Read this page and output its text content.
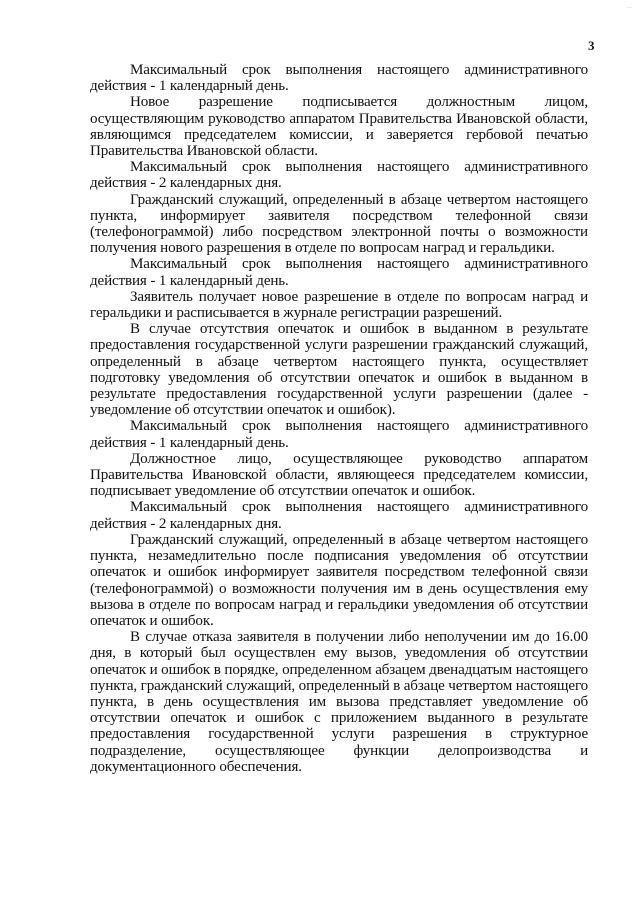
...
3

Максимальный срок выполнения настоящего административного действия - 1 календарный день.

Новое разрешение подписывается должностным лицом, осуществляющим руководство аппаратом Правительства Ивановской области, являющимся председателем комиссии, и заверяется гербовой печатью Правительства Ивановской области.

Максимальный срок выполнения настоящего административного действия - 2 календарных дня.

Гражданский служащий, определенный в абзаце четвертом настоящего пункта, информирует заявителя посредством телефонной связи (телефонограммой) либо посредством электронной почты о возможности получения нового разрешения в отделе по вопросам наград и геральдики.

Максимальный срок выполнения настоящего административного действия - 1 календарный день.

Заявитель получает новое разрешение в отделе по вопросам наград и геральдики и расписывается в журнале регистрации разрешений.

В случае отсутствия опечаток и ошибок в выданном в результате предоставления государственной услуги разрешении гражданский служащий, определенный в абзаце четвертом настоящего пункта, осуществляет подготовку уведомления об отсутствии опечаток и ошибок в выданном в результате предоставления государственной услуги разрешении (далее - уведомление об отсутствии опечаток и ошибок).

Максимальный срок выполнения настоящего административного действия - 1 календарный день.

Должностное лицо, осуществляющее руководство аппаратом Правительства Ивановской области, являющееся председателем комиссии, подписывает уведомление об отсутствии опечаток и ошибок.

Максимальный срок выполнения настоящего административного действия - 2 календарных дня.

Гражданский служащий, определенный в абзаце четвертом настоящего пункта, незамедлительно после подписания уведомления об отсутствии опечаток и ошибок информирует заявителя посредством телефонной связи (телефонограммой) о возможности получения им в день осуществления ему вызова в отделе по вопросам наград и геральдики уведомления об отсутствии опечаток и ошибок.

В случае отказа заявителя в получении либо неполучении им до 16.00 дня, в который был осуществлен ему вызов, уведомления об отсутствии опечаток и ошибок в порядке, определенном абзацем двенадцатым настоящего пункта, гражданский служащий, определенный в абзаце четвертом настоящего пункта, в день осуществления им вызова представляет уведомление об отсутствии опечаток и ошибок с приложением выданного в результате предоставления государственной услуги разрешения в структурное подразделение, осуществляющее функции делопроизводства и документационного обеспечения.
